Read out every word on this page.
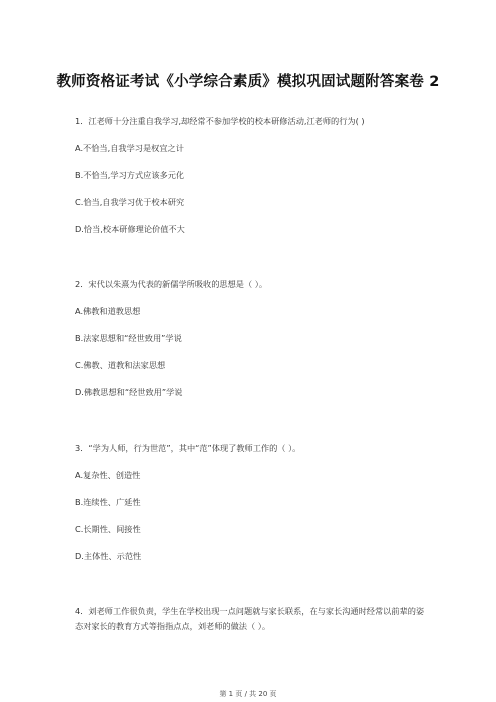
教师资格证考试《小学综合素质》模拟巩固试题附答案卷 2
1．江老师十分注重自我学习,却经常不参加学校的校本研修活动,江老师的行为( )
A.不恰当,自我学习是权宜之计
B.不恰当,学习方式应该多元化
C.恰当,自我学习优于校本研究
D.恰当,校本研修理论价值不大
2．宋代以朱熹为代表的新儒学所吸收的思想是（ ）。
A.佛教和道教思想
B.法家思想和“经世致用”学说
C.佛教、道教和法家思想
D.佛教思想和“经世致用”学说
3．“学为人师，行为世范”，其中“范”体现了教师工作的（ ）。
A.复杂性、创造性
B.连续性、广延性
C.长期性、间接性
D.主体性、示范性
4．刘老师工作很负责，学生在学校出现一点问题就与家长联系，在与家长沟通时经常以前辈的姿态对家长的教育方式等指指点点，刘老师的做法（ ）。
第 1 页 / 共 20 页
